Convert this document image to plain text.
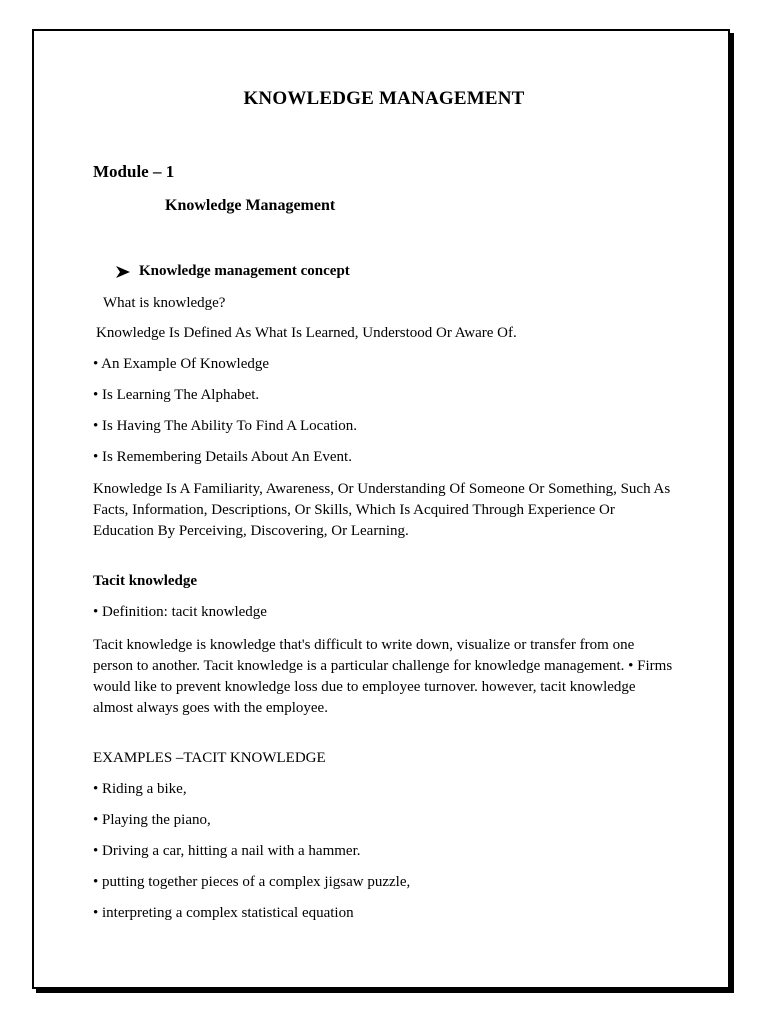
KNOWLEDGE MANAGEMENT
Module – 1
Knowledge Management
Knowledge management concept
What is knowledge?
Knowledge Is Defined As What Is Learned, Understood Or Aware Of.
• An Example Of Knowledge
• Is Learning The Alphabet.
• Is Having The Ability To Find A Location.
• Is Remembering Details About An Event.
Knowledge Is A Familiarity, Awareness, Or Understanding Of Someone Or Something, Such As Facts, Information, Descriptions, Or Skills, Which Is Acquired Through Experience Or Education By Perceiving, Discovering, Or Learning.
Tacit knowledge
• Definition: tacit knowledge
Tacit knowledge is knowledge that's difficult to write down, visualize or transfer from one person to another. Tacit knowledge is a particular challenge for knowledge management. • Firms would like to prevent knowledge loss due to employee turnover. however, tacit knowledge almost always goes with the employee.
EXAMPLES –TACIT KNOWLEDGE
• Riding a bike,
• Playing the piano,
• Driving a car, hitting a nail with a hammer.
• putting together pieces of a complex jigsaw puzzle,
• interpreting a complex statistical equation
